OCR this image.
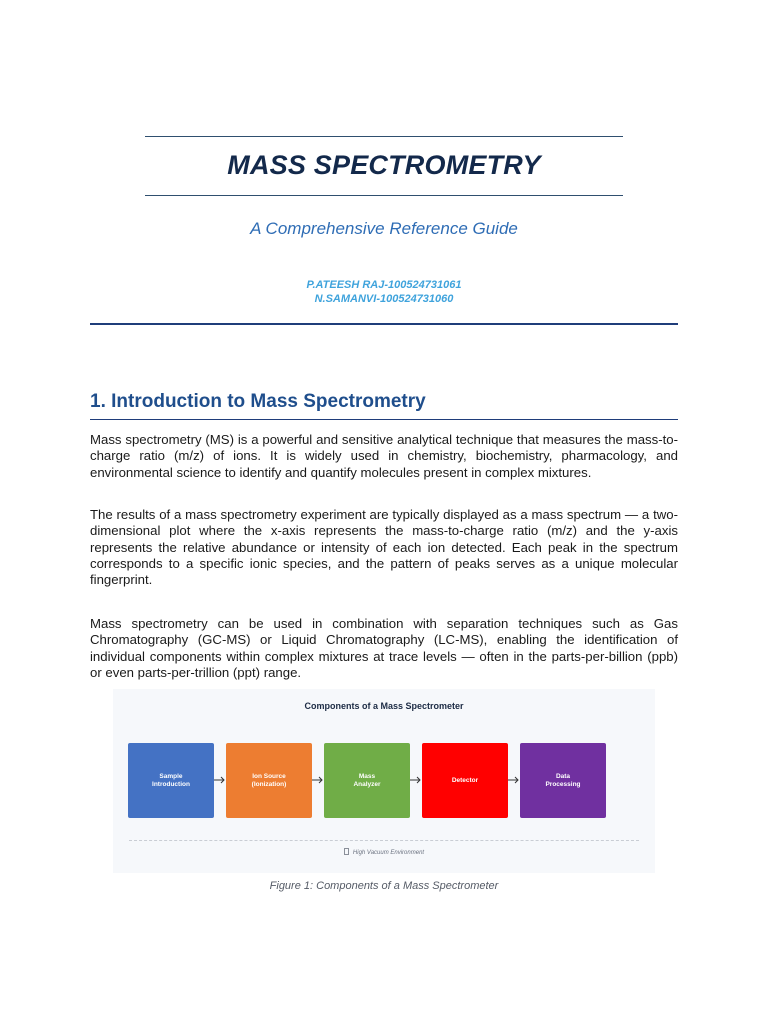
MASS SPECTROMETRY
A Comprehensive Reference Guide
P.ATEESH RAJ-100524731061
N.SAMANVI-100524731060
1. Introduction to Mass Spectrometry

Mass spectrometry (MS) is a powerful and sensitive analytical technique that measures the mass-to-charge ratio (m/z) of ions. It is widely used in chemistry, biochemistry, pharmacology, and environmental science to identify and quantify molecules present in complex mixtures.

The results of a mass spectrometry experiment are typically displayed as a mass spectrum — a two-dimensional plot where the x-axis represents the mass-to-charge ratio (m/z) and the y-axis represents the relative abundance or intensity of each ion detected. Each peak in the spectrum corresponds to a specific ionic species, and the pattern of peaks serves as a unique molecular fingerprint.

Mass spectrometry can be used in combination with separation techniques such as Gas Chromatography (GC-MS) or Liquid Chromatography (LC-MS), enabling the identification of individual components within complex mixtures at trace levels — often in the parts-per-billion (ppb) or even parts-per-trillion (ppt) range.

Components of a Mass Spectrometer
Sample
Introduction
Ion Source
(Ionization)
Mass
Analyzer
Detector
Data
Processing
High Vacuum Environment
Figure 1: Components of a Mass Spectrometer
